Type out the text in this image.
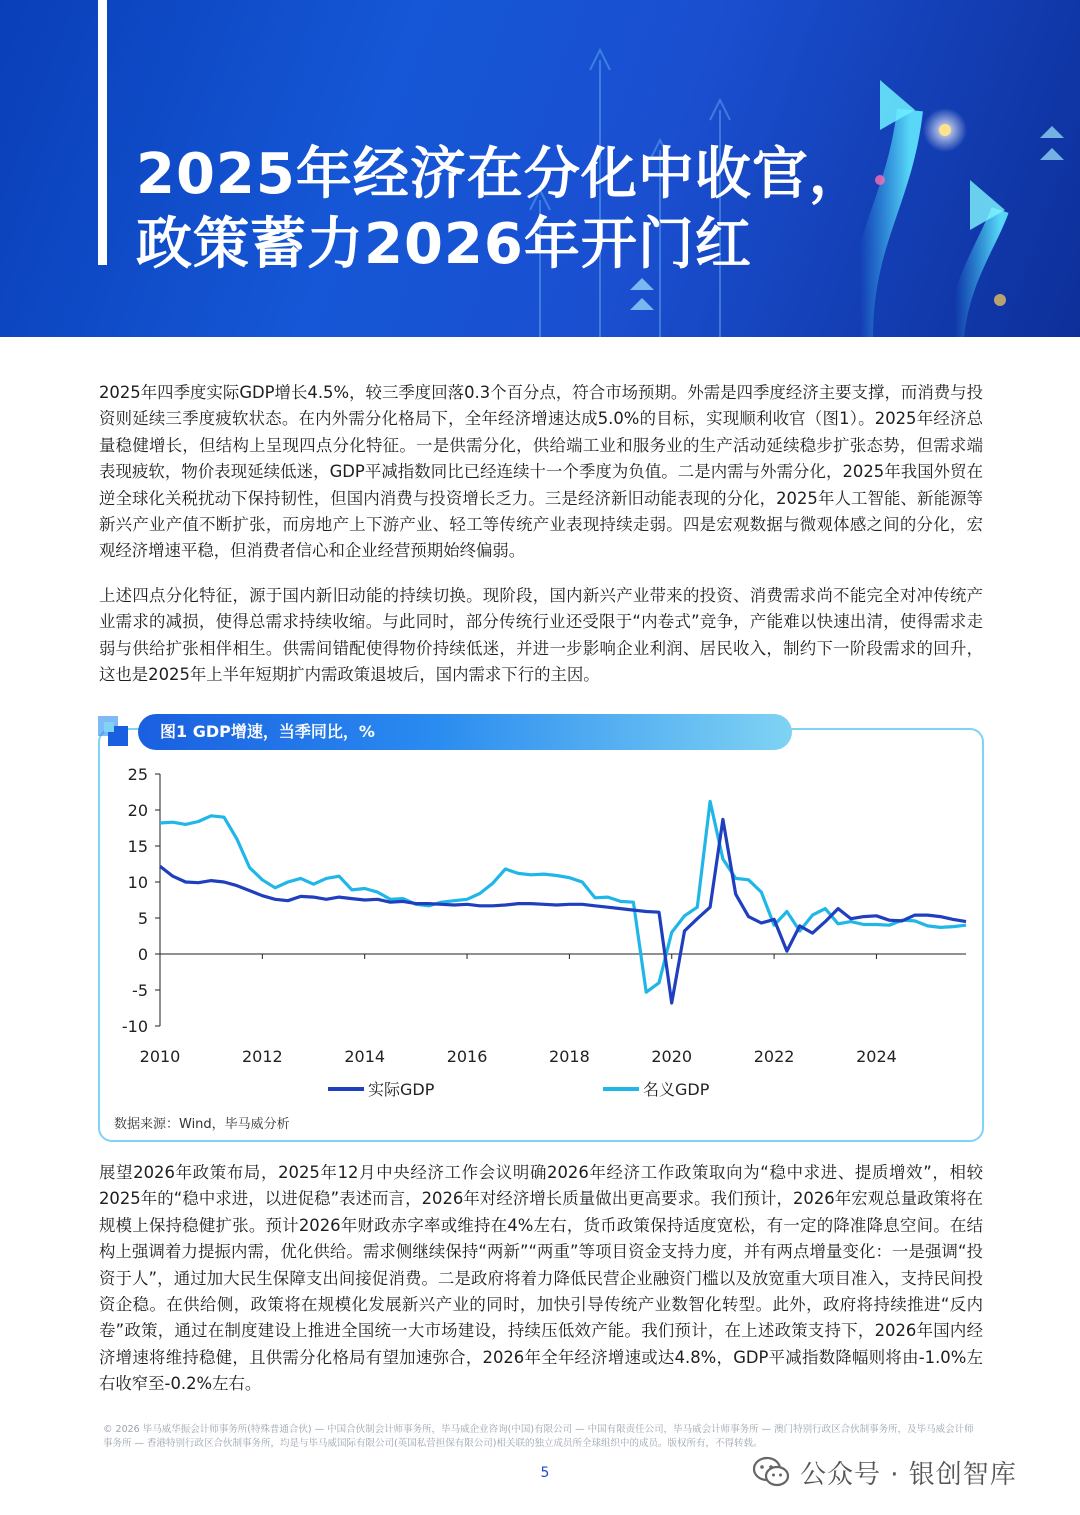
2025年经济在分化中收官，
政策蓄力2026年开门红

2025年四季度实际GDP增长4.5%，较三季度回落0.3个百分点，符合市场预期。外需是四季度经济主要支撑，而消费与投资则延续三季度疲软状态。在内外需分化格局下，全年经济增速达成5.0%的目标，实现顺利收官（图1）。2025年经济总量稳健增长，但结构上呈现四点分化特征。一是供需分化，供给端工业和服务业的生产活动延续稳步扩张态势，但需求端表现疲软，物价表现延续低迷，GDP平减指数同比已经连续十一个季度为负值。二是内需与外需分化，2025年我国外贸在逆全球化关税扰动下保持韧性，但国内消费与投资增长乏力。三是经济新旧动能表现的分化，2025年人工智能、新能源等新兴产业产值不断扩张，而房地产上下游产业、轻工等传统产业表现持续走弱。四是宏观数据与微观体感之间的分化，宏观经济增速平稳，但消费者信心和企业经营预期始终偏弱。

上述四点分化特征，源于国内新旧动能的持续切换。现阶段，国内新兴产业带来的投资、消费需求尚不能完全对冲传统产业需求的减损，使得总需求持续收缩。与此同时，部分传统行业还受限于“内卷式”竞争，产能难以快速出清，使得需求走弱与供给扩张相伴相生。供需间错配使得物价持续低迷，并进一步影响企业利润、居民收入，制约下一阶段需求的回升，这也是2025年上半年短期扩内需政策退坡后，国内需求下行的主因。

图1 GDP增速，当季同比，%
25
20
15
10
5
0
-5
-10
2010	2012	2014	2016	2018	2020	2022	2024
实际GDP	名义GDP
数据来源：Wind，毕马威分析

展望2026年政策布局，2025年12月中央经济工作会议明确2026年经济工作政策取向为“稳中求进、提质增效”，相较2025年的“稳中求进，以进促稳”表述而言，2026年对经济增长质量做出更高要求。我们预计，2026年宏观总量政策将在规模上保持稳健扩张。预计2026年财政赤字率或维持在4%左右，货币政策保持适度宽松，有一定的降准降息空间。在结构上强调着力提振内需，优化供给。需求侧继续保持“两新”“两重”等项目资金支持力度，并有两点增量变化：一是强调“投资于人”，通过加大民生保障支出间接促消费。二是政府将着力降低民营企业融资门槛以及放宽重大项目准入，支持民间投资企稳。在供给侧，政策将在规模化发展新兴产业的同时，加快引导传统产业数智化转型。此外，政府将持续推进“反内卷”政策，通过在制度建设上推进全国统一大市场建设，持续压低效产能。我们预计，在上述政策支持下，2026年国内经济增速将维持稳健，且供需分化格局有望加速弥合，2026年全年经济增速或达4.8%，GDP平减指数降幅则将由-1.0%左右收窄至-0.2%左右。

© 2026 毕马威华振会计师事务所(特殊普通合伙) — 中国合伙制会计师事务所，毕马威企业咨询(中国)有限公司 — 中国有限责任公司，毕马威会计师事务所 — 澳门特别行政区合伙制事务所，及毕马威会计师事务所 — 香港特别行政区合伙制事务所，均是与毕马威国际有限公司(英国私营担保有限公司)相关联的独立成员所全球组织中的成员。版权所有，不得转载。
5	公众号 · 银创智库
